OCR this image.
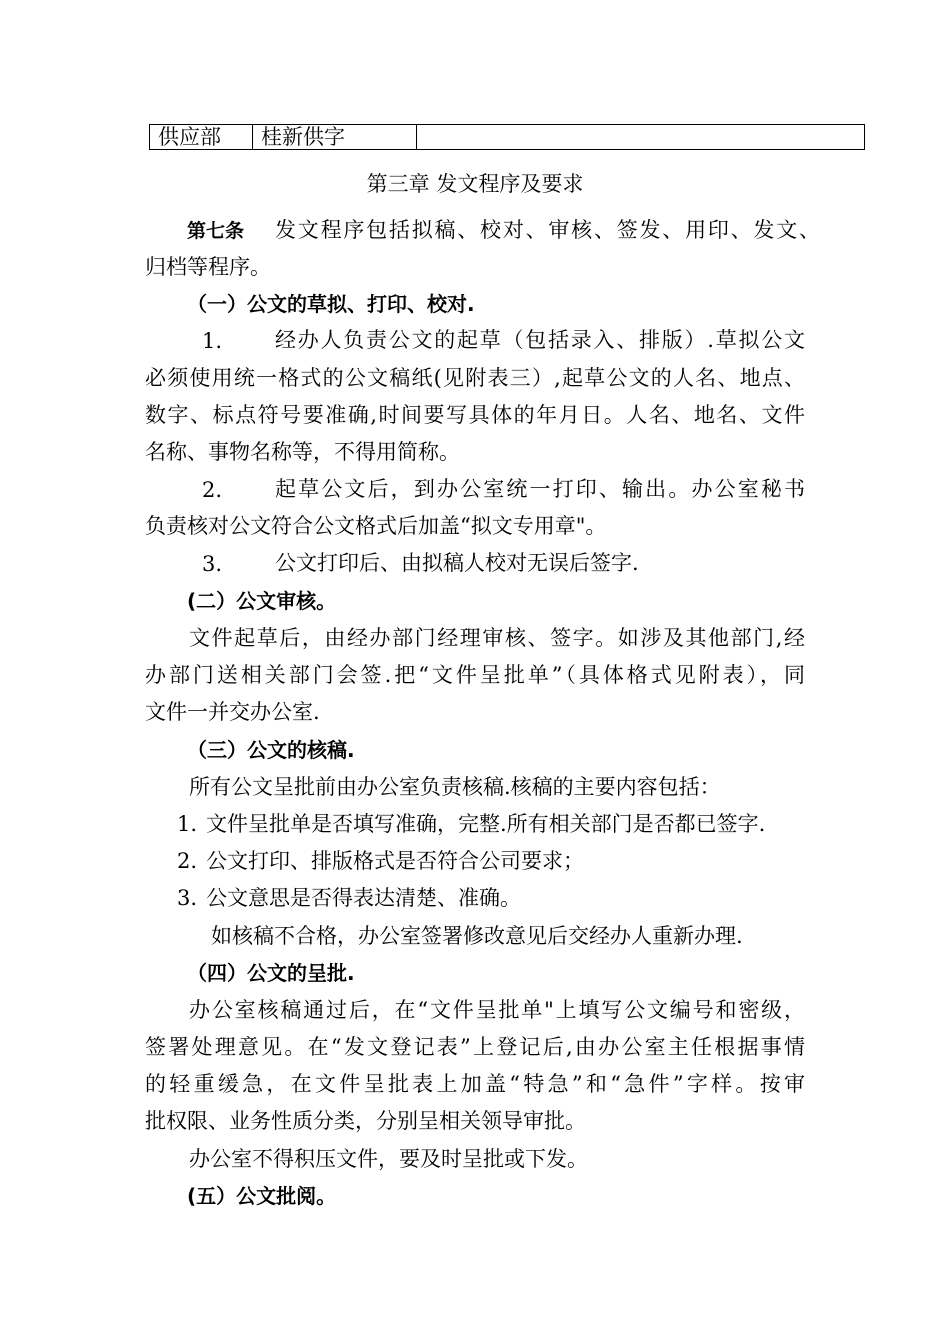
供应部	桂新供字
第三章 发文程序及要求
第七条 发文程序包括拟稿、校对、审核、签发、用印、发文、
归档等程序。
（一）公文的草拟、打印、校对.
1.	经办人负责公文的起草（包括录入、排版）.草拟公文
必须使用统一格式的公文稿纸(见附表三）,起草公文的人名、地点、
数字、标点符号要准确,时间要写具体的年月日。人名、地名、文件
名称、事物名称等，不得用简称。
2.	起草公文后，到办公室统一打印、输出。办公室秘书
负责核对公文符合公文格式后加盖“拟文专用章"。
3.	公文打印后、由拟稿人校对无误后签字.
(二）公文审核。
文件起草后，由经办部门经理审核、签字。如涉及其他部门,经
办部门送相关部门会签.把“文件呈批单”（具体格式见附表），同
文件一并交办公室.
（三）公文的核稿.
所有公文呈批前由办公室负责核稿.核稿的主要内容包括：
1. 文件呈批单是否填写准确，完整.所有相关部门是否都已签字.
2. 公文打印、排版格式是否符合公司要求；
3. 公文意思是否得表达清楚、准确。
如核稿不合格，办公室签署修改意见后交经办人重新办理.
（四）公文的呈批.
办公室核稿通过后，在“文件呈批单"上填写公文编号和密级，
签署处理意见。在“发文登记表”上登记后,由办公室主任根据事情
的轻重缓急，在文件呈批表上加盖“特急”和“急件”字样。按审
批权限、业务性质分类，分别呈相关领导审批。
办公室不得积压文件，要及时呈批或下发。
(五）公文批阅。
